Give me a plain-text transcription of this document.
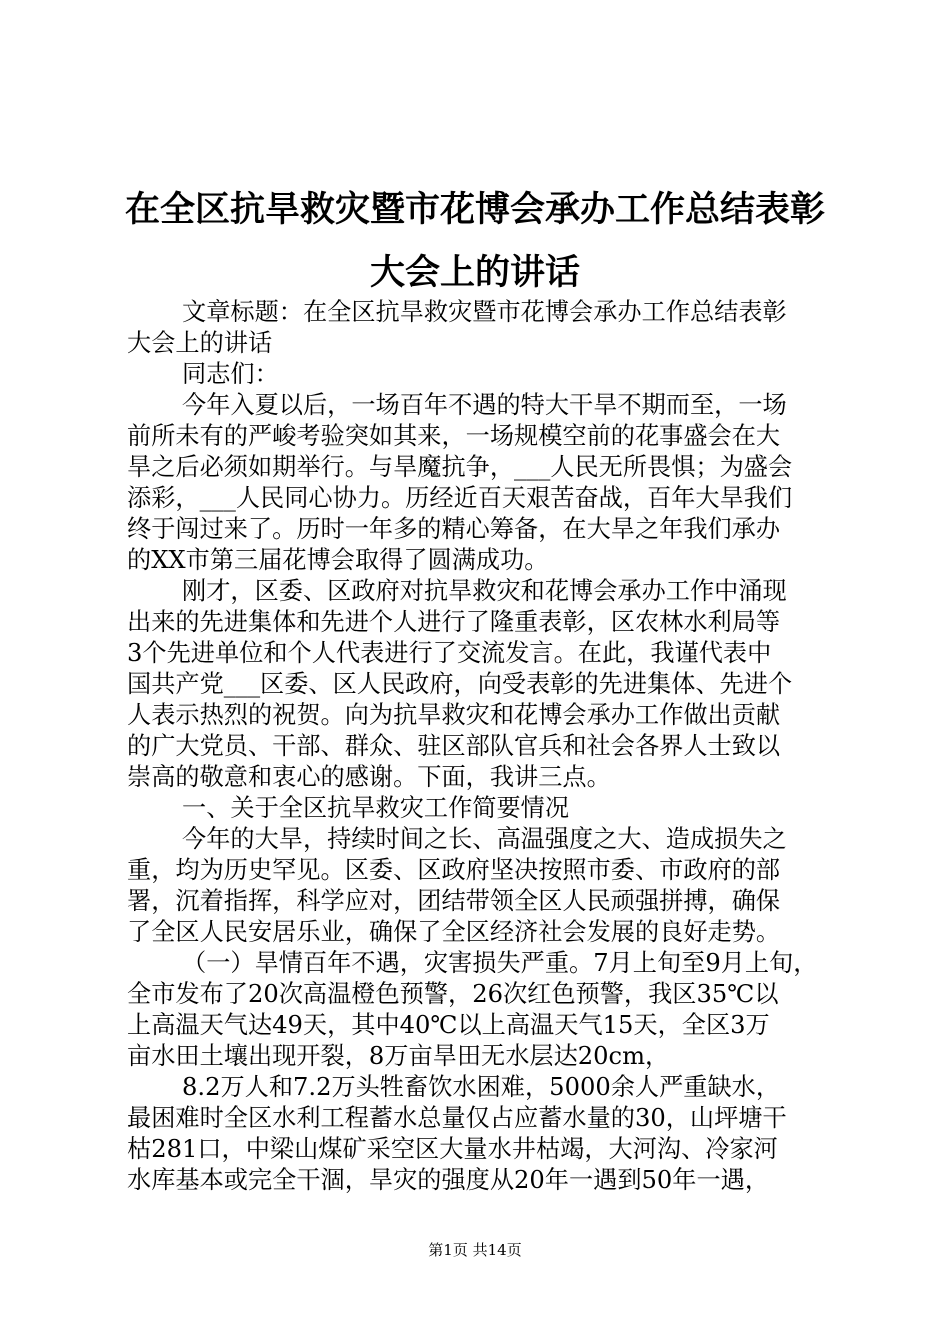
在全区抗旱救灾暨市花博会承办工作总结表彰
大会上的讲话
文章标题：在全区抗旱救灾暨市花博会承办工作总结表彰
大会上的讲话
同志们：
今年入夏以后，一场百年不遇的特大干旱不期而至，一场
前所未有的严峻考验突如其来，一场规模空前的花事盛会在大
旱之后必须如期举行。与旱魔抗争，___人民无所畏惧；为盛会
添彩，___人民同心协力。历经近百天艰苦奋战，百年大旱我们
终于闯过来了。历时一年多的精心筹备，在大旱之年我们承办
的XX市第三届花博会取得了圆满成功。
刚才，区委、区政府对抗旱救灾和花博会承办工作中涌现
出来的先进集体和先进个人进行了隆重表彰，区农林水利局等
3个先进单位和个人代表进行了交流发言。在此，我谨代表中
国共产党___区委、区人民政府，向受表彰的先进集体、先进个
人表示热烈的祝贺。向为抗旱救灾和花博会承办工作做出贡献
的广大党员、干部、群众、驻区部队官兵和社会各界人士致以
崇高的敬意和衷心的感谢。下面，我讲三点。
一、关于全区抗旱救灾工作简要情况
今年的大旱，持续时间之长、高温强度之大、造成损失之
重，均为历史罕见。区委、区政府坚决按照市委、市政府的部
署，沉着指挥，科学应对，团结带领全区人民顽强拼搏，确保
了全区人民安居乐业，确保了全区经济社会发展的良好走势。
（一）旱情百年不遇，灾害损失严重。7月上旬至9月上旬，
全市发布了20次高温橙色预警，26次红色预警，我区35℃以
上高温天气达49天，其中40℃以上高温天气15天，全区3万
亩水田土壤出现开裂，8万亩旱田无水层达20cm，
8.2万人和7.2万头牲畜饮水困难，5000余人严重缺水，
最困难时全区水利工程蓄水总量仅占应蓄水量的30，山坪塘干
枯281口，中梁山煤矿采空区大量水井枯竭，大河沟、冷家河
水库基本或完全干涸，旱灾的强度从20年一遇到50年一遇，
第1页 共14页
